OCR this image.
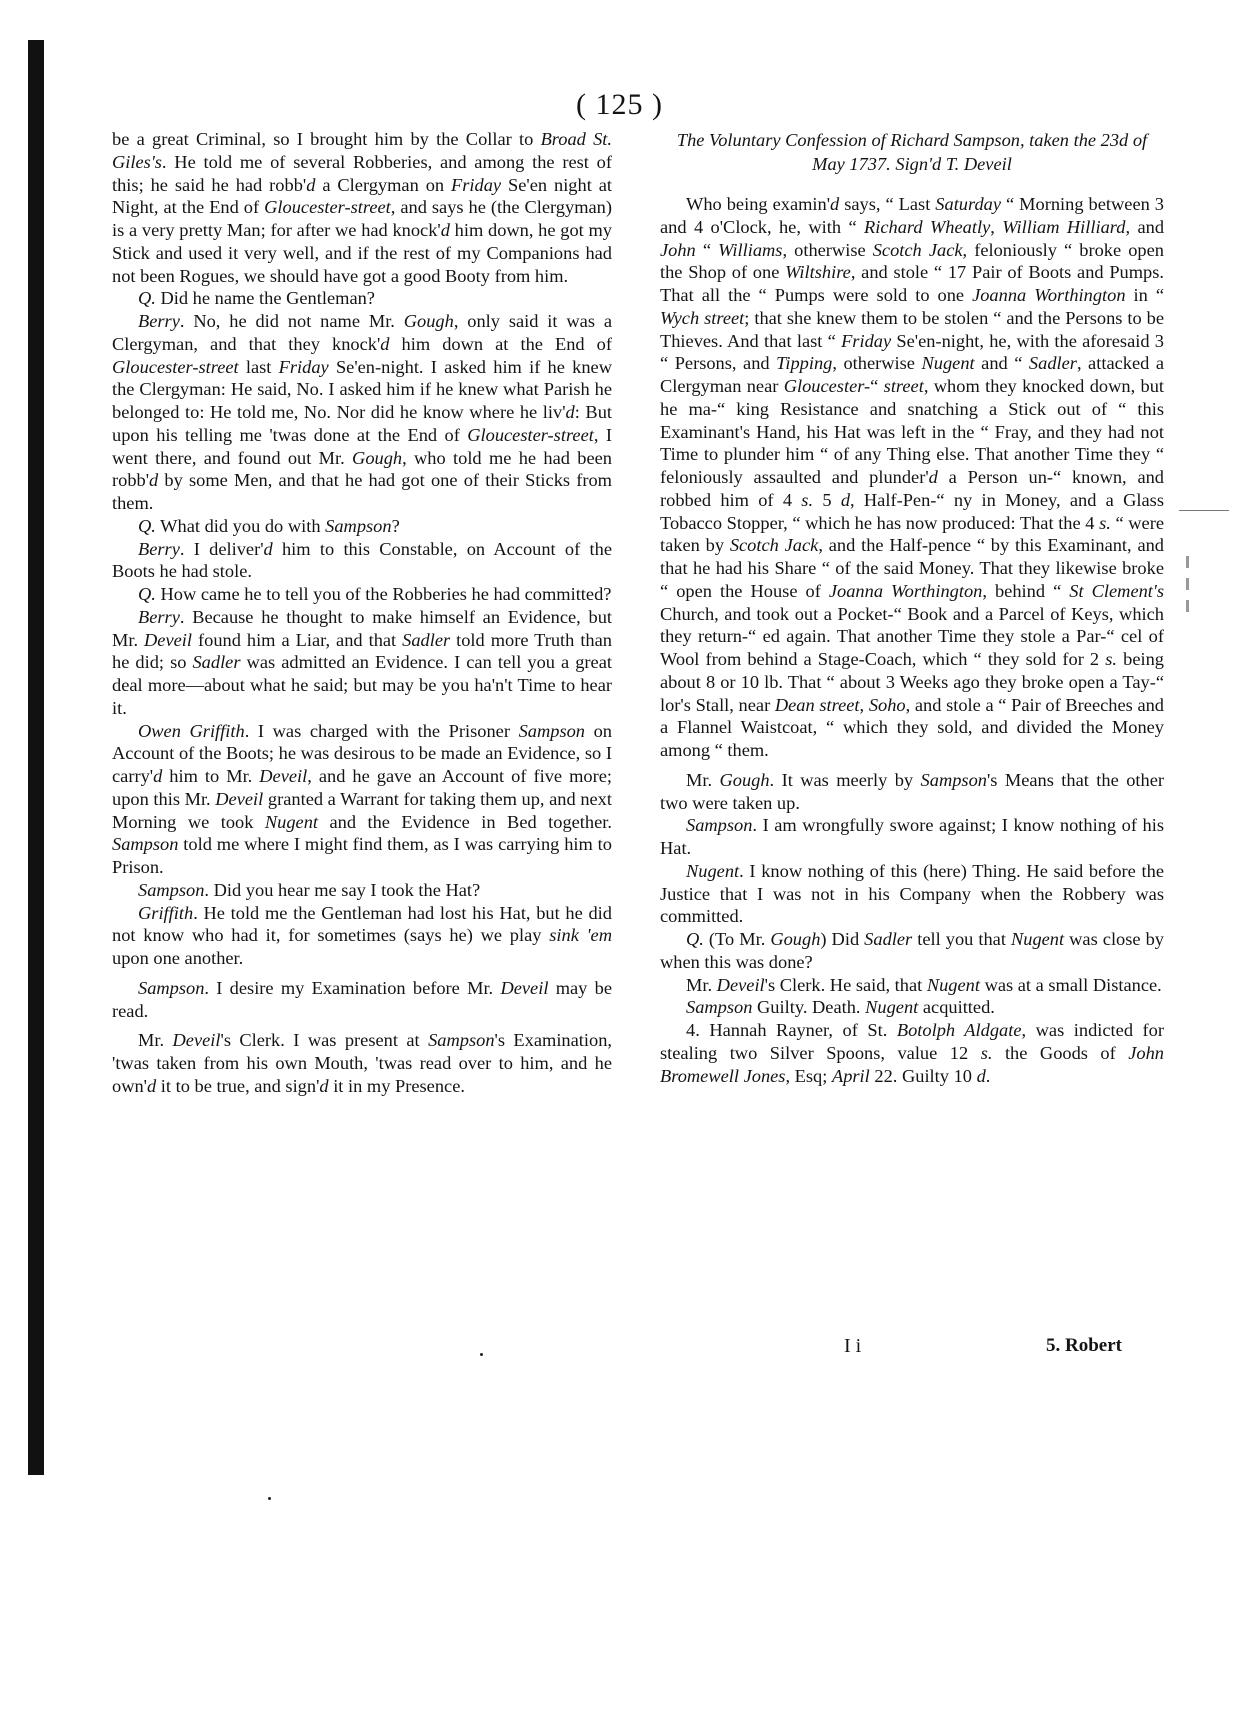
( 125 )

be a great Criminal, so I brought him by the Collar to Broad St. Giles's. He told me of several Robberies, and among the rest of this; he said he had robb'd a Clergyman on Friday Se'en night at Night, at the End of Gloucester-street, and says he (the Clergyman) is a very pretty Man; for after we had knock'd him down, he got my Stick and used it very well, and if the rest of my Companions had not been Rogues, we should have got a good Booty from him.

Q. Did he name the Gentleman?

Berry. No, he did not name Mr. Gough, only said it was a Clergyman, and that they knock'd him down at the End of Gloucester-street last Friday Se'en-night. I asked him if he knew the Clergyman: He said, No. I asked him if he knew what Parish he belonged to: He told me, No. Nor did he know where he liv'd: But upon his telling me 'twas done at the End of Gloucester-street, I went there, and found out Mr. Gough, who told me he had been robb'd by some Men, and that he had got one of their Sticks from them.

Q. What did you do with Sampson?

Berry. I deliver'd him to this Constable, on Account of the Boots he had stole.

Q. How came he to tell you of the Robberies he had committed?

Berry. Because he thought to make himself an Evidence, but Mr. Deveil found him a Liar, and that Sadler told more Truth than he did; so Sadler was admitted an Evidence. I can tell you a great deal more—about what he said; but may be you ha'n't Time to hear it.

Owen Griffith. I was charged with the Prisoner Sampson on Account of the Boots; he was desirous to be made an Evidence, so I carry'd him to Mr. Deveil, and he gave an Account of five more; upon this Mr. Deveil granted a Warrant for taking them up, and next Morning we took Nugent and the Evidence in Bed together. Sampson told me where I might find them, as I was carrying him to Prison.

Sampson. Did you hear me say I took the Hat?

Griffith. He told me the Gentleman had lost his Hat, but he did not know who had it, for sometimes (says he) we play sink 'em upon one another.

Sampson. I desire my Examination before Mr. Deveil may be read.

Mr. Deveil's Clerk. I was present at Sampson's Examination, 'twas taken from his own Mouth, 'twas read over to him, and he own'd it to be true, and sign'd it in my Presence.

The Voluntary Confession of Richard Sampson, taken the 23d of May 1737. Sign'd T. Deveil

Who being examin'd says, “ Last Saturday “ Morning between 3 and 4 o'Clock, he, with “ Richard Wheatly, William Hilliard, and John “ Williams, otherwise Scotch Jack, feloniously “ broke open the Shop of one Wiltshire, and stole “ 17 Pair of Boots and Pumps. That all the “ Pumps were sold to one Joanna Worthington in “ Wych street; that she knew them to be stolen “ and the Persons to be Thieves. And that last “ Friday Se'en-night, he, with the aforesaid 3 “ Persons, and Tipping, otherwise Nugent and “ Sadler, attacked a Clergyman near Gloucester-“ street, whom they knocked down, but he ma-“ king Resistance and snatching a Stick out of “ this Examinant's Hand, his Hat was left in the “ Fray, and they had not Time to plunder him “ of any Thing else. That another Time they “ feloniously assaulted and plunder'd a Person un-“ known, and robbed him of 4 s. 5 d, Half-Pen-“ ny in Money, and a Glass Tobacco Stopper, “ which he has now produced: That the 4 s. “ were taken by Scotch Jack, and the Half-pence “ by this Examinant, and that he had his Share “ of the said Money. That they likewise broke “ open the House of Joanna Worthington, behind “ St Clement's Church, and took out a Pocket-“ Book and a Parcel of Keys, which they return-“ ed again. That another Time they stole a Par-“ cel of Wool from behind a Stage-Coach, which “ they sold for 2 s. being about 8 or 10 lb. That “ about 3 Weeks ago they broke open a Tay-“ lor's Stall, near Dean street, Soho, and stole a “ Pair of Breeches and a Flannel Waistcoat, “ which they sold, and divided the Money among “ them.

Mr. Gough. It was meerly by Sampson's Means that the other two were taken up.

Sampson. I am wrongfully swore against; I know nothing of his Hat.

Nugent. I know nothing of this (here) Thing. He said before the Justice that I was not in his Company when the Robbery was committed.

Q. (To Mr. Gough) Did Sadler tell you that Nugent was close by when this was done?

Mr. Deveil's Clerk. He said, that Nugent was at a small Distance.

Sampson Guilty. Death. Nugent acquitted.

4. Hannah Rayner, of St. Botolph Aldgate, was indicted for stealing two Silver Spoons, value 12 s. the Goods of John Bromewell Jones, Esq; April 22. Guilty 10 d.

I i	5. Robert
